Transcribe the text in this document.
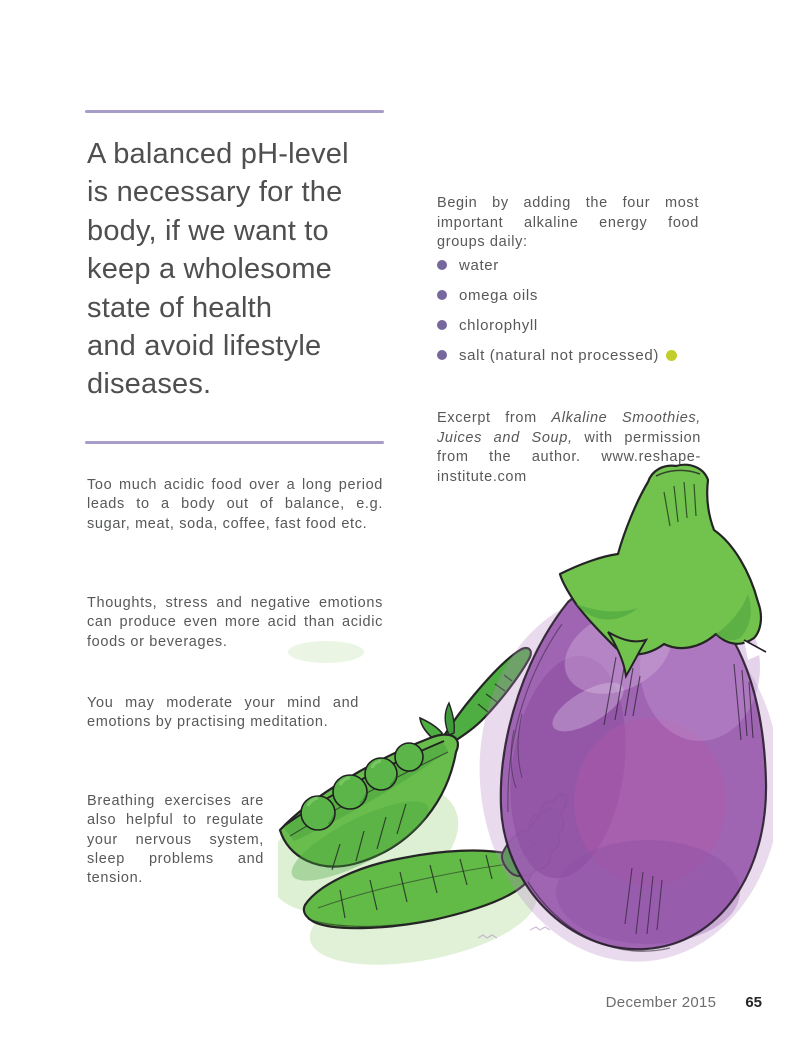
A balanced pH-level
is necessary for the
body, if we want to
keep a wholesome
state of health
and avoid lifestyle
diseases.

Too much acidic food over a long period leads to a body out of balance, e.g. sugar, meat, soda, coffee, fast food etc.

Thoughts, stress and negative emotions can produce even more acid than acidic foods or beverages.

You may moderate your mind and emotions by practising meditation.

Breathing exercises are also helpful to regulate your nervous system, sleep problems and tension.

Begin by adding the four most important alkaline energy food groups daily:

water
omega oils
chlorophyll
salt (natural not processed)

Excerpt from Alkaline Smoothies, Juices and Soup, with permission from the author. www.reshape-institute.com

December 2015 65
